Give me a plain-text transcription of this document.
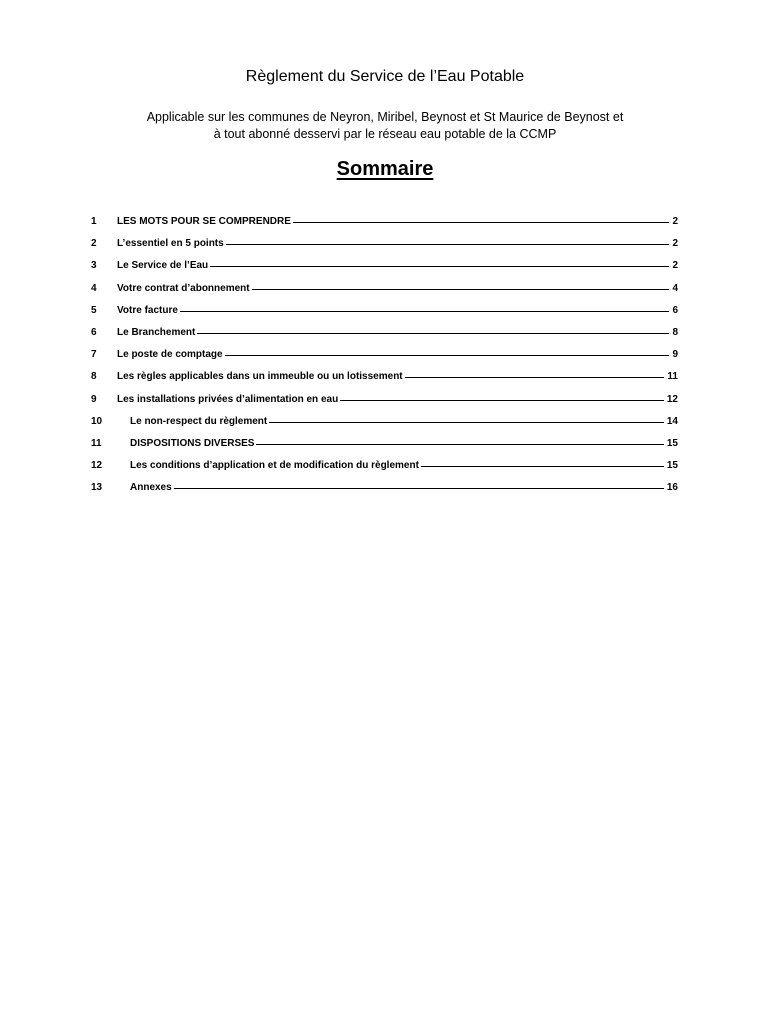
Règlement du Service de l’Eau Potable
Applicable sur les communes de Neyron, Miribel, Beynost et St Maurice de Beynost et
à tout abonné desservi par le réseau eau potable de la CCMP
Sommaire
1	LES MOTS POUR SE COMPRENDRE	2
2	L’essentiel en 5 points	2
3	Le Service de l’Eau	2
4	Votre contrat d’abonnement	4
5	Votre facture	6
6	Le Branchement	8
7	Le poste de comptage	9
8	Les règles applicables dans un immeuble ou un lotissement	11
9	Les installations privées d’alimentation en eau	12
10	Le non-respect du règlement	14
11	DISPOSITIONS DIVERSES	15
12	Les conditions d’application et de modification du règlement	15
13	Annexes	16
